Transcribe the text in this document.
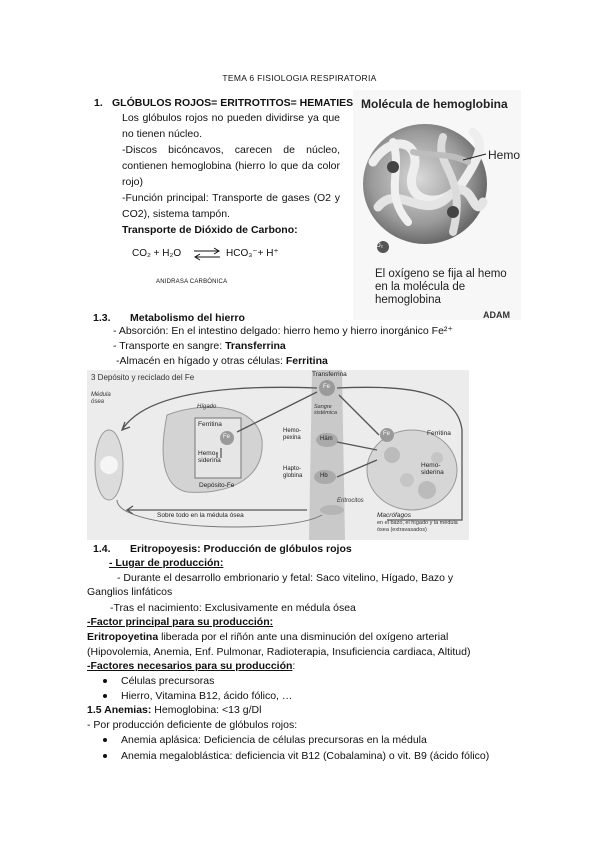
TEMA 6 FISIOLOGIA RESPIRATORIA
1. GLÓBULOS ROJOS= ERITROTITOS= HEMATIES
Los glóbulos rojos no pueden dividirse ya que no tienen núcleo.
-Discos bicóncavos, carecen de núcleo, contienen hemoglobina (hierro lo que da color rojo)
-Función principal: Transporte de gases (O2 y CO2), sistema tampón.
Transporte de Dióxido de Carbono:
CO₂ + H₂O	HCO₃⁻+ H⁺
ANIDRASA CARBÓNICA
Molécula de hemoglobina
Hemo
O₂
El oxígeno se fija al hemo en la molécula de hemoglobina
ADAM
1.3. Metabolismo del hierro
- Absorción: En el intestino delgado: hierro hemo y hierro inorgánico Fe²⁺
- Transporte en sangre: Transferrina
-Almacén en hígado y otras células: Ferritina
3 Depósito y reciclado del Fe
Médula ósea
Hígado
Ferritina
Fe
Hemo-siderina
Depósito-Fe
Transferrina
Fe
Sangre sistémica
Hemo-pexina	Häm
Hapto-globina	Hb
Eritrocitos
Fe	Ferritina
Hemo-siderina
Sobre todo en la médula ósea	Macrófagos
en el bazo, el hígado y la médula ósea (extravasados)
1.4. Eritropoyesis: Producción de glóbulos rojos
- Lugar de producción:
- Durante el desarrollo embrionario y fetal: Saco vitelino, Hígado, Bazo y
Ganglios linfáticos
-Tras el nacimiento: Exclusivamente en médula ósea
-Factor principal para su producción:
Eritropoyetina liberada por el riñón ante una disminución del oxígeno arterial
(Hipovolemia, Anemia, Enf. Pulmonar, Radioterapia, Insuficiencia cardiaca, Altitud)
-Factores necesarios para su producción:
Células precursoras
Hierro, Vitamina B12, ácido fólico, …
1.5 Anemias: Hemoglobina: <13 g/Dl
- Por producción deficiente de glóbulos rojos:
Anemia aplásica: Deficiencia de células precursoras en la médula
Anemia megaloblástica: deficiencia vit B12 (Cobalamina) o vit. B9 (ácido fólico)
